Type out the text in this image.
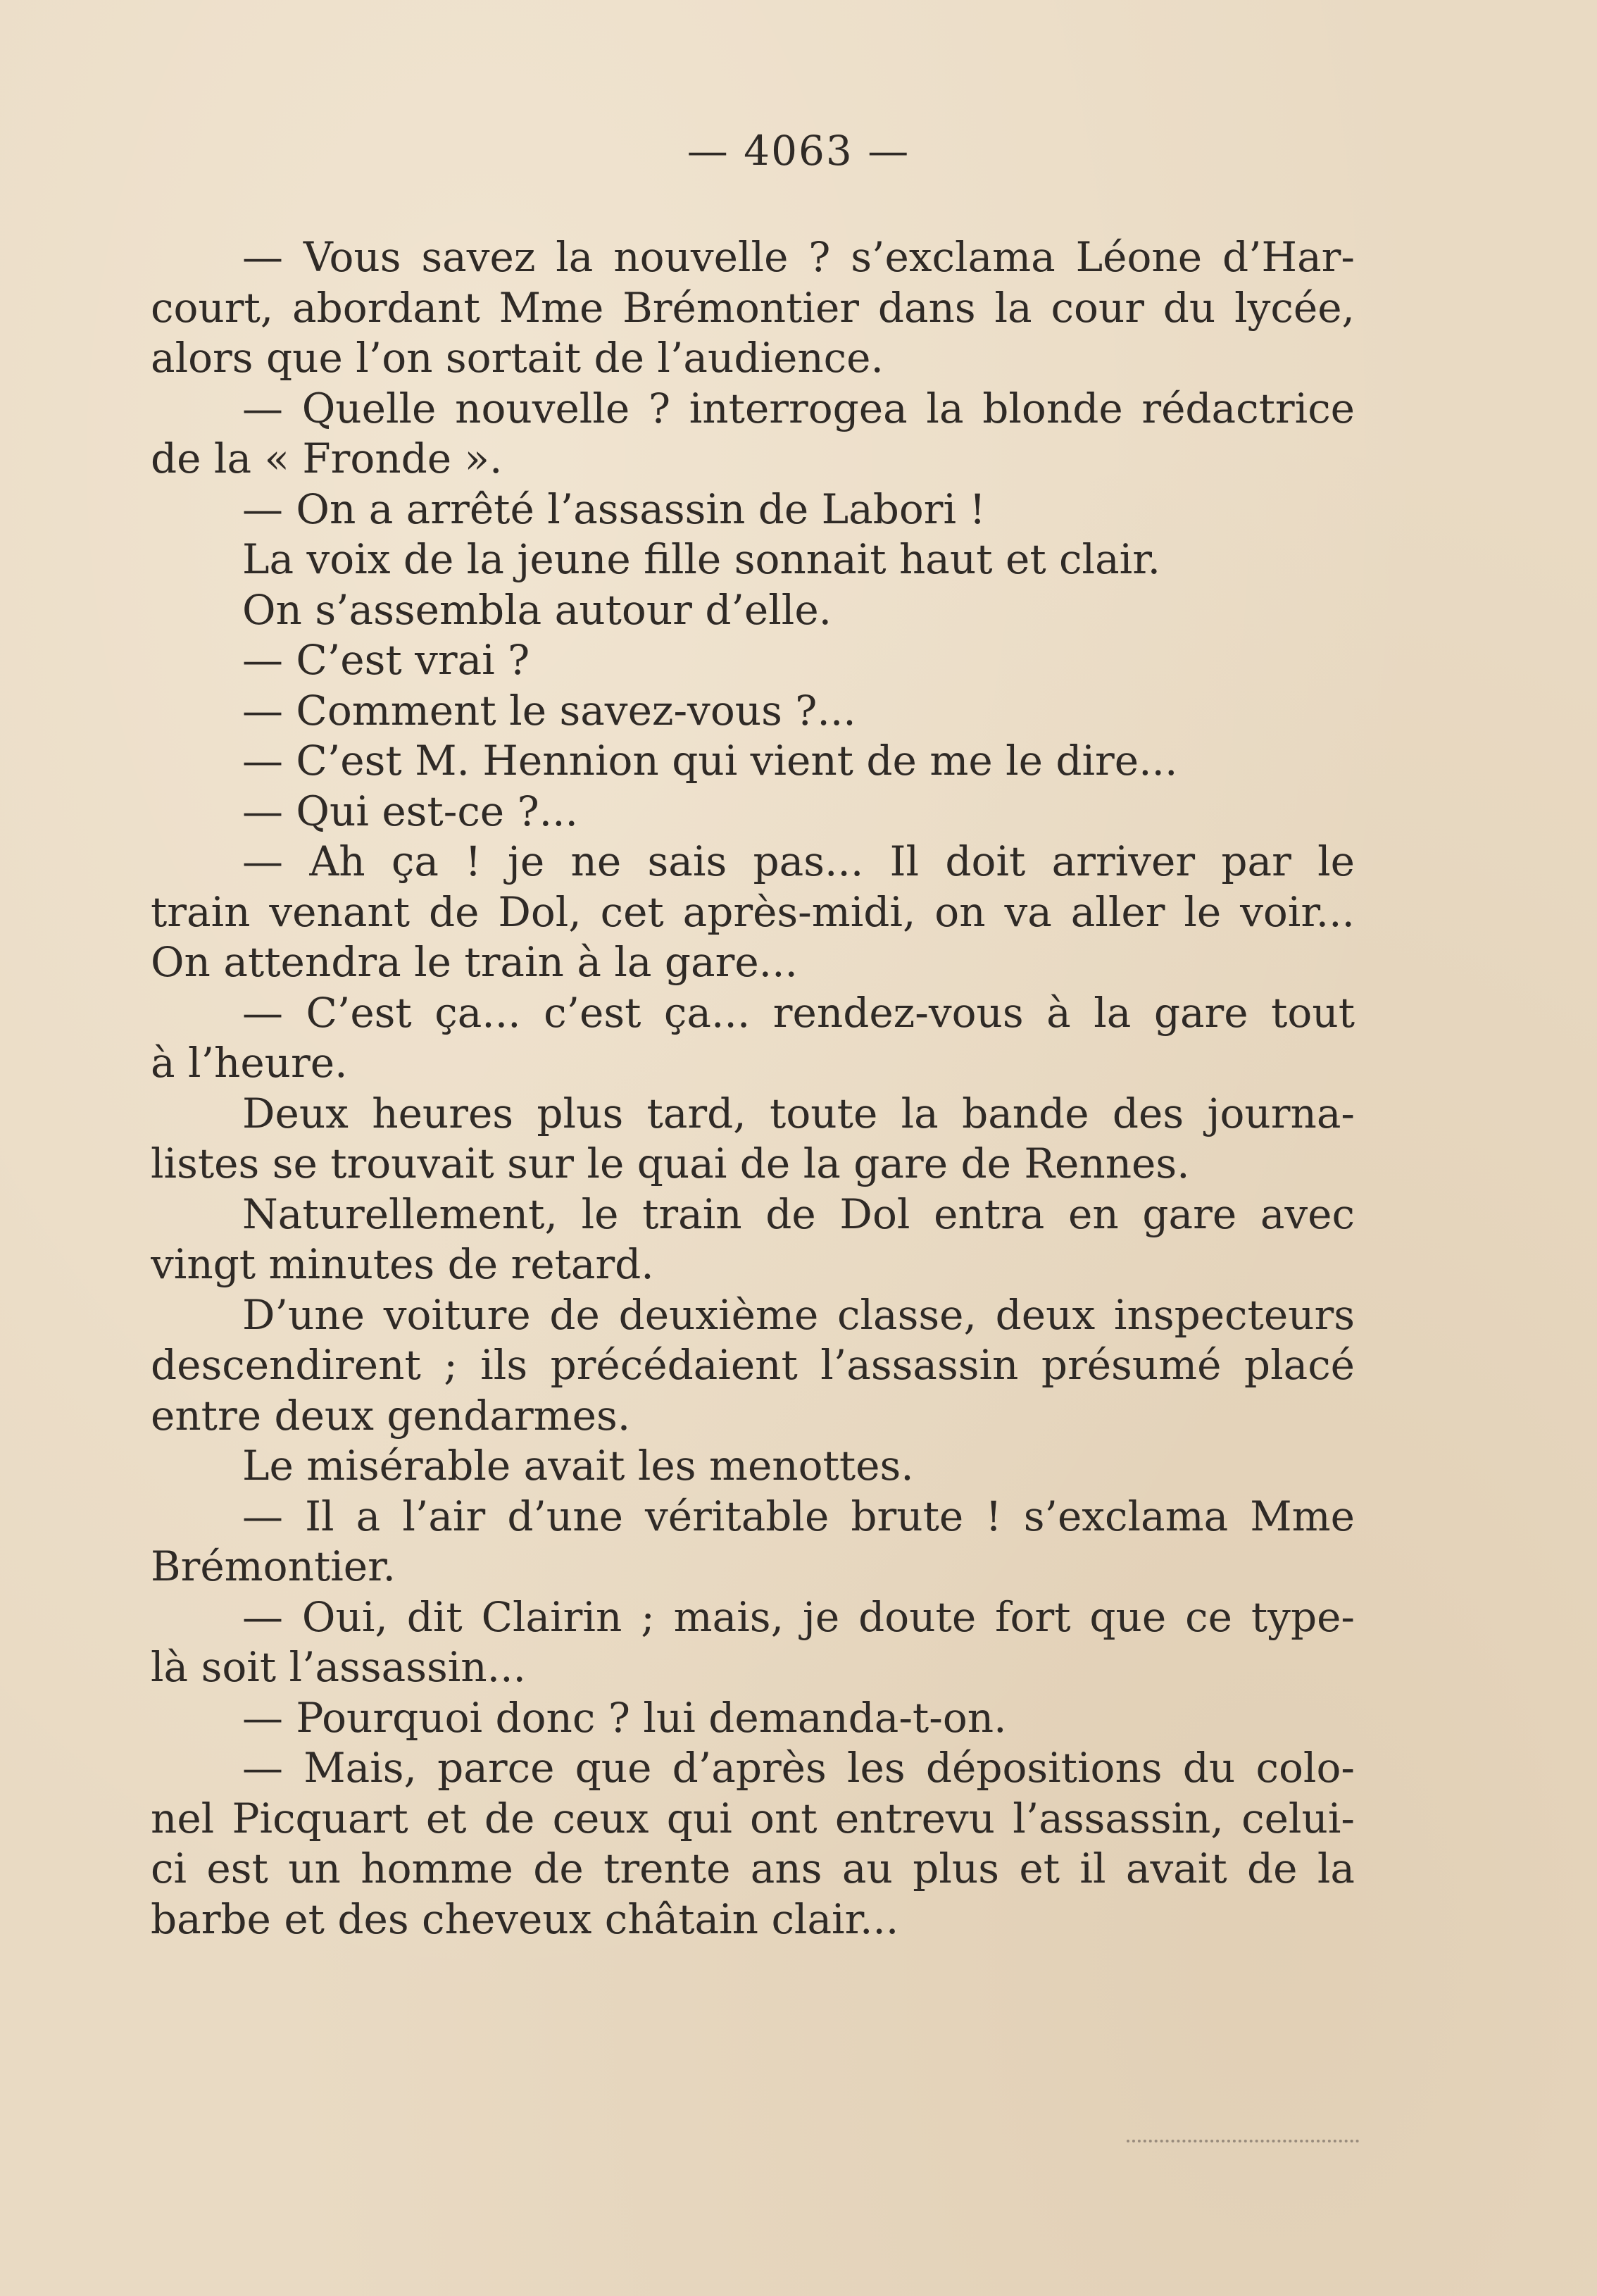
— 4063 —
— Vous savez la nouvelle ? s’exclama Léone d’Har-
court, abordant Mme Brémontier dans la cour du lycée,
alors que l’on sortait de l’audience.
— Quelle nouvelle ? interrogea la blonde rédactrice
de la « Fronde ».
— On a arrêté l’assassin de Labori !
La voix de la jeune fille sonnait haut et clair.
On s’assembla autour d’elle.
— C’est vrai ?
— Comment le savez-vous ?...
— C’est M. Hennion qui vient de me le dire...
— Qui est-ce ?...
— Ah ça ! je ne sais pas... Il doit arriver par le
train venant de Dol, cet après-midi, on va aller le voir...
On attendra le train à la gare...
— C’est ça... c’est ça... rendez-vous à la gare tout
à l’heure.
Deux heures plus tard, toute la bande des journa-
listes se trouvait sur le quai de la gare de Rennes.
Naturellement, le train de Dol entra en gare avec
vingt minutes de retard.
D’une voiture de deuxième classe, deux inspecteurs
descendirent ; ils précédaient l’assassin présumé placé
entre deux gendarmes.
Le misérable avait les menottes.
— Il a l’air d’une véritable brute ! s’exclama Mme
Brémontier.
— Oui, dit Clairin ; mais, je doute fort que ce type-
là soit l’assassin...
— Pourquoi donc ? lui demanda-t-on.
— Mais, parce que d’après les dépositions du colo-
nel Picquart et de ceux qui ont entrevu l’assassin, celui-
ci est un homme de trente ans au plus et il avait de la
barbe et des cheveux châtain clair...
